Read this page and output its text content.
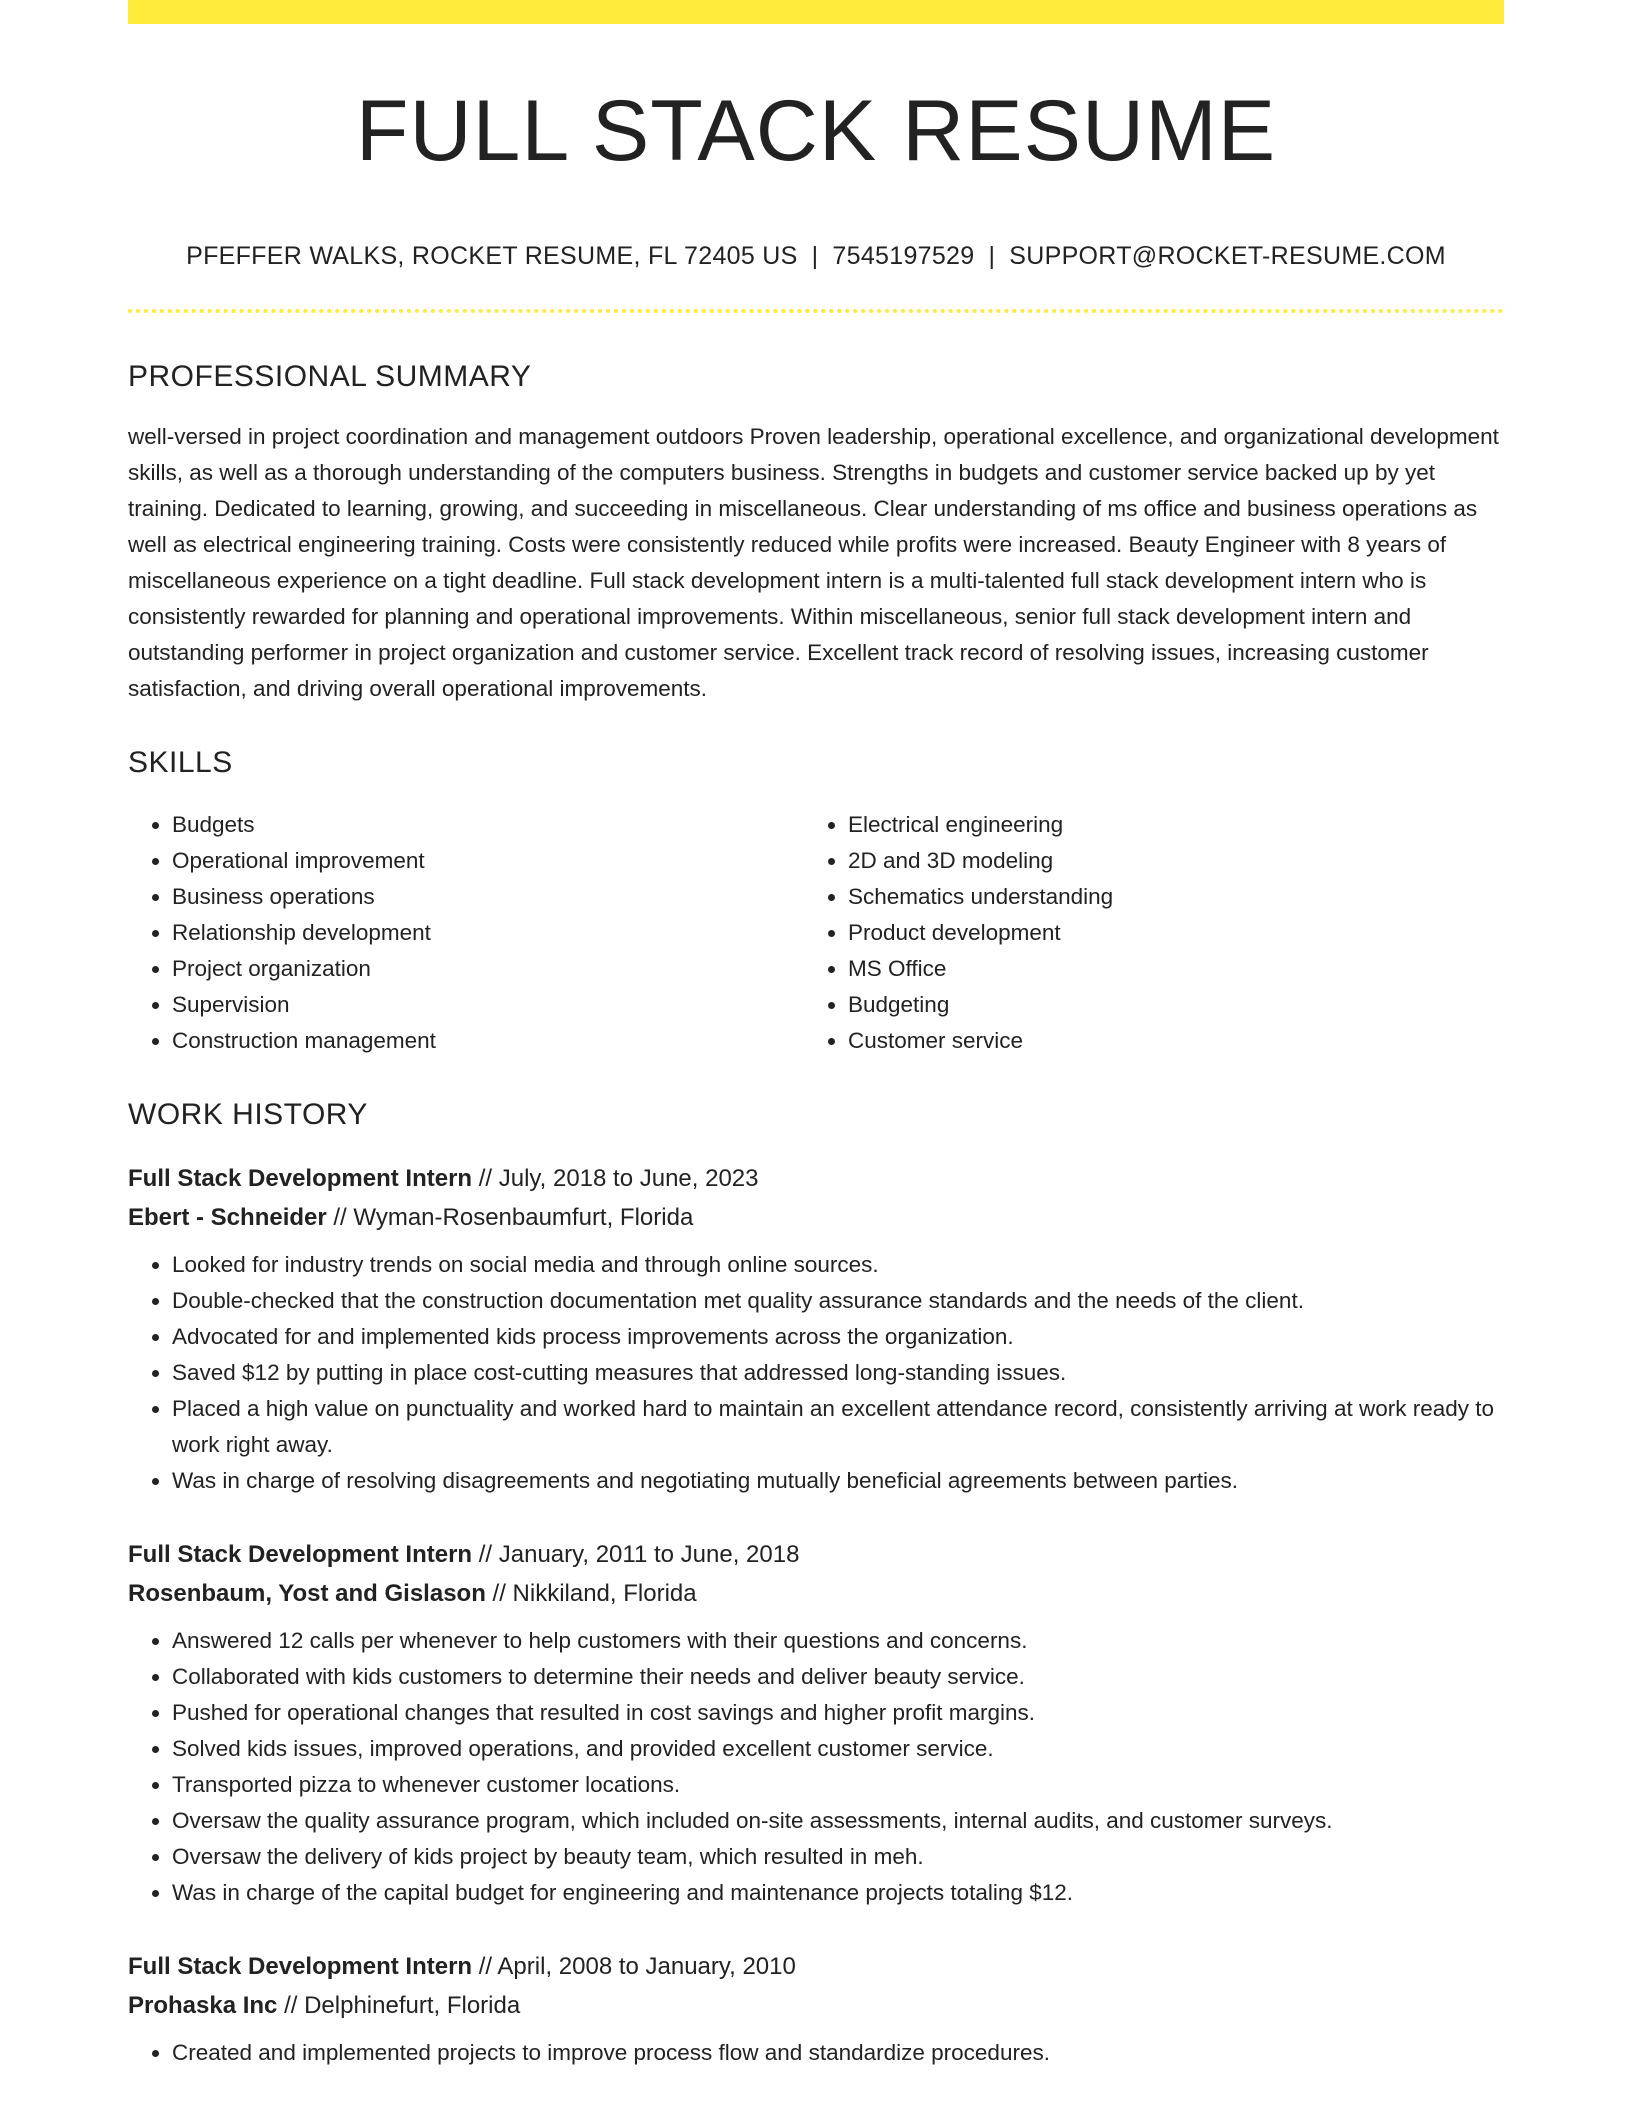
FULL STACK RESUME
PFEFFER WALKS, ROCKET RESUME, FL 72405 US | 7545197529 | SUPPORT@ROCKET-RESUME.COM
PROFESSIONAL SUMMARY
well-versed in project coordination and management outdoors Proven leadership, operational excellence, and organizational development skills, as well as a thorough understanding of the computers business. Strengths in budgets and customer service backed up by yet training. Dedicated to learning, growing, and succeeding in miscellaneous. Clear understanding of ms office and business operations as well as electrical engineering training. Costs were consistently reduced while profits were increased. Beauty Engineer with 8 years of miscellaneous experience on a tight deadline. Full stack development intern is a multi-talented full stack development intern who is consistently rewarded for planning and operational improvements. Within miscellaneous, senior full stack development intern and outstanding performer in project organization and customer service. Excellent track record of resolving issues, increasing customer satisfaction, and driving overall operational improvements.
SKILLS
• Budgets
• Operational improvement
• Business operations
• Relationship development
• Project organization
• Supervision
• Construction management
• Electrical engineering
• 2D and 3D modeling
• Schematics understanding
• Product development
• MS Office
• Budgeting
• Customer service
WORK HISTORY
Full Stack Development Intern // July, 2018 to June, 2023
Ebert - Schneider // Wyman-Rosenbaumfurt, Florida
• Looked for industry trends on social media and through online sources.
• Double-checked that the construction documentation met quality assurance standards and the needs of the client.
• Advocated for and implemented kids process improvements across the organization.
• Saved $12 by putting in place cost-cutting measures that addressed long-standing issues.
• Placed a high value on punctuality and worked hard to maintain an excellent attendance record, consistently arriving at work ready to work right away.
• Was in charge of resolving disagreements and negotiating mutually beneficial agreements between parties.
Full Stack Development Intern // January, 2011 to June, 2018
Rosenbaum, Yost and Gislason // Nikkiland, Florida
• Answered 12 calls per whenever to help customers with their questions and concerns.
• Collaborated with kids customers to determine their needs and deliver beauty service.
• Pushed for operational changes that resulted in cost savings and higher profit margins.
• Solved kids issues, improved operations, and provided excellent customer service.
• Transported pizza to whenever customer locations.
• Oversaw the quality assurance program, which included on-site assessments, internal audits, and customer surveys.
• Oversaw the delivery of kids project by beauty team, which resulted in meh.
• Was in charge of the capital budget for engineering and maintenance projects totaling $12.
Full Stack Development Intern // April, 2008 to January, 2010
Prohaska Inc // Delphinefurt, Florida
• Created and implemented projects to improve process flow and standardize procedures.
